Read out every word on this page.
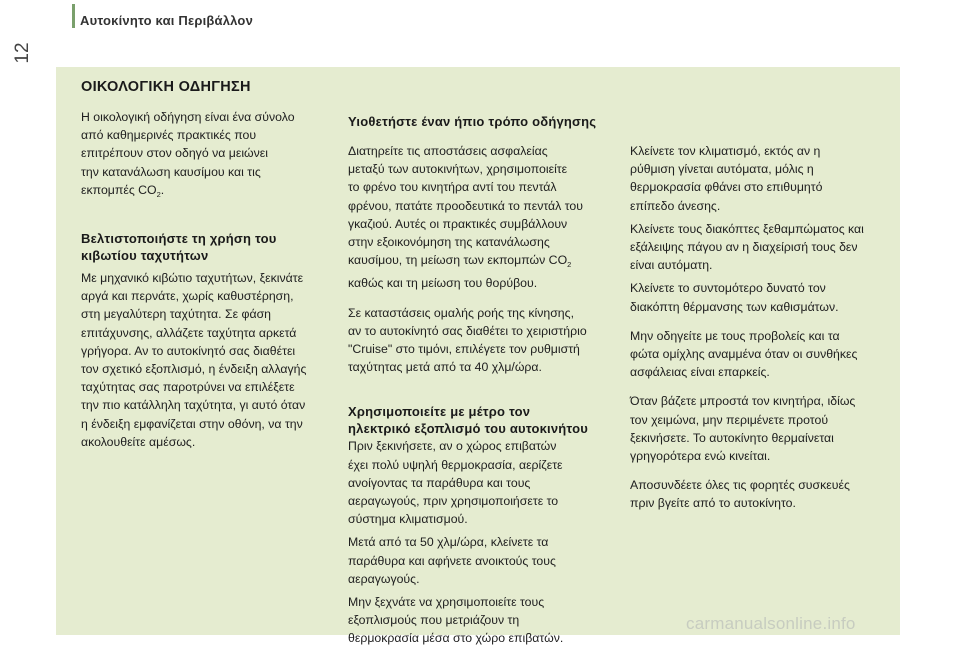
Αυτοκίνητο και Περιβάλλον
12
ΟΙΚΟΛΟΓΙΚΗ ΟΔΗΓΗΣΗ

Η οικολογική οδήγηση είναι ένα σύνολο
από καθημερινές πρακτικές που
επιτρέπουν στον οδηγό να μειώνει
την κατανάλωση καυσίμου και τις
εκπομπές $CO_2$.

Βελτιστοποιήστε τη χρήση του
κιβωτίου ταχυτήτων

Με μηχανικό κιβώτιο ταχυτήτων, ξεκινάτε
αργά και περνάτε, χωρίς καθυστέρηση,
στη μεγαλύτερη ταχύτητα. Σε φάση
επιτάχυνσης, αλλάζετε ταχύτητα αρκετά
γρήγορα. Αν το αυτοκίνητό σας διαθέτει
τον σχετικό εξοπλισμό, η ένδειξη αλλαγής
ταχύτητας σας παροτρύνει να επιλέξετε
την πιο κατάλληλη ταχύτητα, γι αυτό όταν
η ένδειξη εμφανίζεται στην οθόνη, να την
ακολουθείτε αμέσως.

Υιοθετήστε έναν ήπιο τρόπο οδήγησης

Διατηρείτε τις αποστάσεις ασφαλείας
μεταξύ των αυτοκινήτων, χρησιμοποιείτε
το φρένο του κινητήρα αντί του πεντάλ
φρένου, πατάτε προοδευτικά το πεντάλ του
γκαζιού. Αυτές οι πρακτικές συμβάλλουν
στην εξοικονόμηση της κατανάλωσης
καυσίμου, τη μείωση των εκπομπών $CO_2$
καθώς και τη μείωση του θορύβου.

Σε καταστάσεις ομαλής ροής της κίνησης,
αν το αυτοκίνητό σας διαθέτει το χειριστήριο
"Cruise" στο τιμόνι, επιλέγετε τον ρυθμιστή
ταχύτητας μετά από τα 40 χλμ/ώρα.

Χρησιμοποιείτε με μέτρο τον
ηλεκτρικό εξοπλισμό του αυτοκινήτου

Πριν ξεκινήσετε, αν ο χώρος επιβατών
έχει πολύ υψηλή θερμοκρασία, αερίζετε
ανοίγοντας τα παράθυρα και τους
αεραγωγούς, πριν χρησιμοποιήσετε το
σύστημα κλιματισμού.

Μετά από τα 50 χλμ/ώρα, κλείνετε τα
παράθυρα και αφήνετε ανοικτούς τους
αεραγωγούς.

Μην ξεχνάτε να χρησιμοποιείτε τους
εξοπλισμούς που μετριάζουν τη
θερμοκρασία μέσα στο χώρο επιβατών.

Κλείνετε τον κλιματισμό, εκτός αν η
ρύθμιση γίνεται αυτόματα, μόλις η
θερμοκρασία φθάνει στο επιθυμητό
επίπεδο άνεσης.

Κλείνετε τους διακόπτες ξεθαμπώματος και
εξάλειψης πάγου αν η διαχείρισή τους δεν
είναι αυτόματη.

Κλείνετε το συντομότερο δυνατό τον
διακόπτη θέρμανσης των καθισμάτων.

Μην οδηγείτε με τους προβολείς και τα
φώτα ομίχλης αναμμένα όταν οι συνθήκες
ασφάλειας είναι επαρκείς.

Όταν βάζετε μπροστά τον κινητήρα, ιδίως
τον χειμώνα, μην περιμένετε προτού
ξεκινήσετε. Το αυτοκίνητο θερμαίνεται
γρηγορότερα ενώ κινείται.

Αποσυνδέετε όλες τις φορητές συσκευές
πριν βγείτε από το αυτοκίνητο.

carmanualsonline.info
